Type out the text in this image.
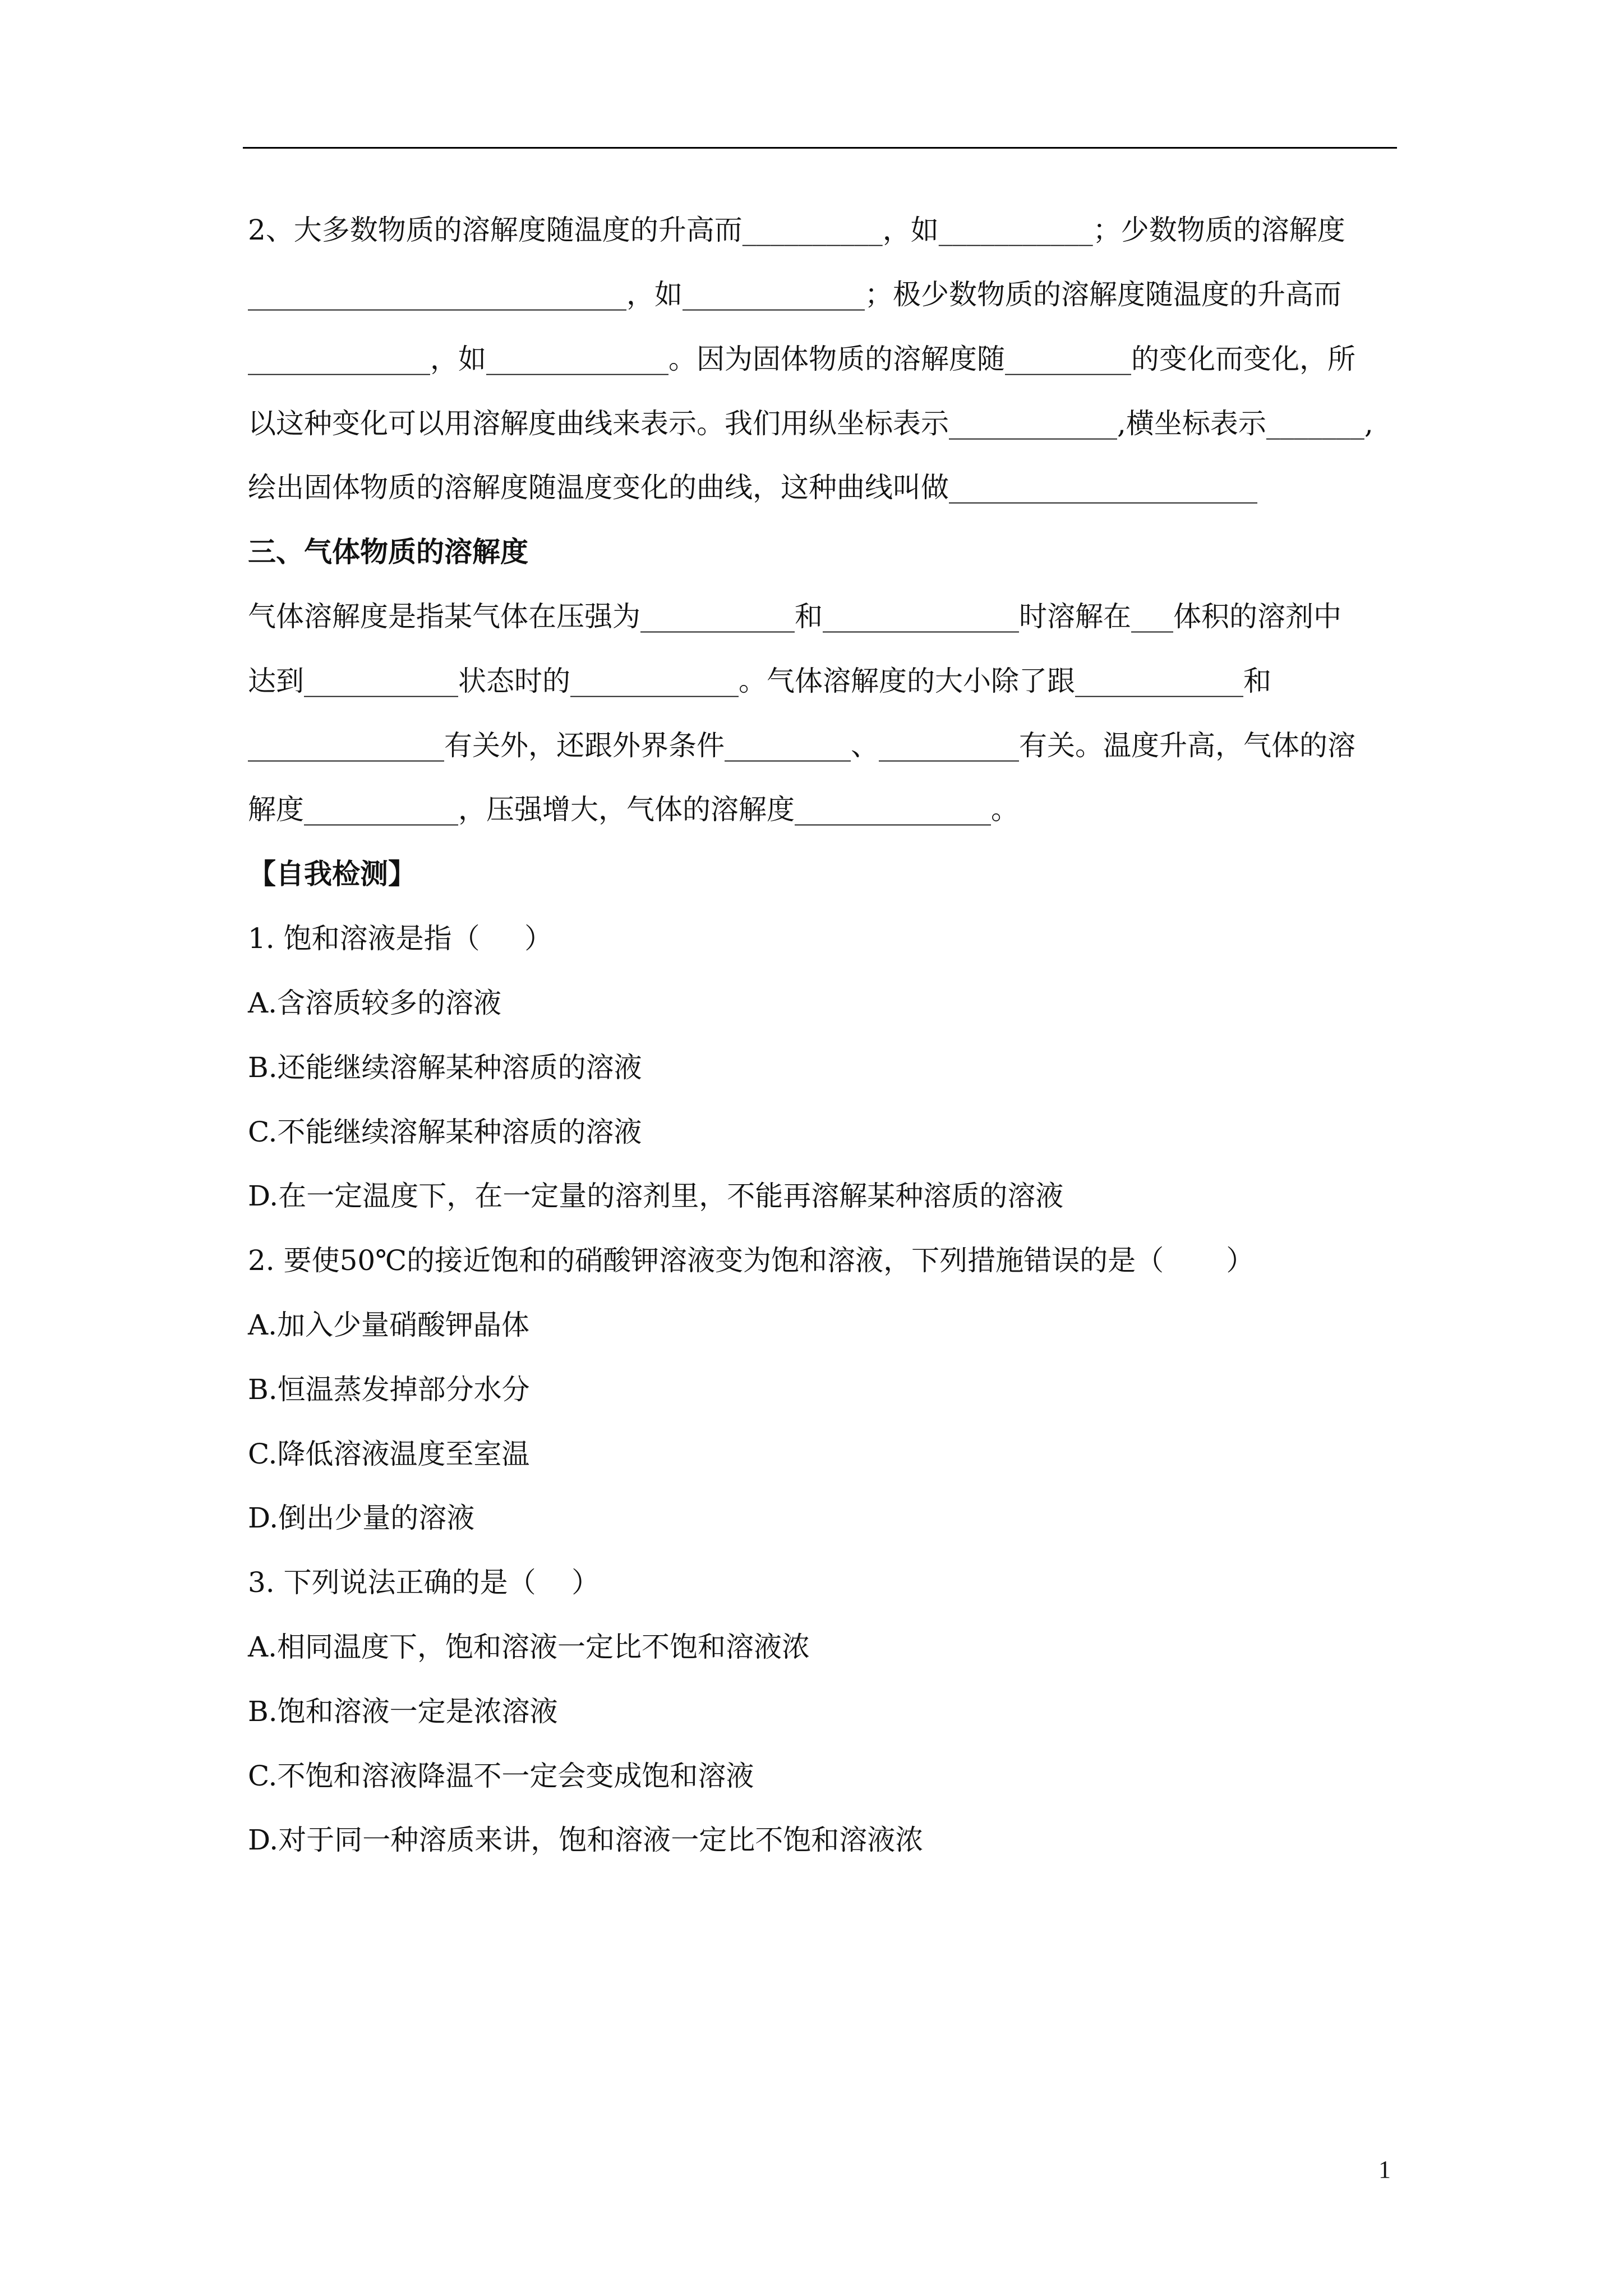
2、大多数物质的溶解度随温度的升高而__________，如___________；少数物质的溶解度
___________________________，如_____________；极少数物质的溶解度随温度的升高而
_____________，如_____________。因为固体物质的溶解度随_________的变化而变化，所
以这种变化可以用溶解度曲线来表示。我们用纵坐标表示____________,横坐标表示_______,
绘出固体物质的溶解度随温度变化的曲线，这种曲线叫做______________________
三、气体物质的溶解度
气体溶解度是指某气体在压强为___________和______________时溶解在___体积的溶剂中
达到___________状态时的____________。气体溶解度的大小除了跟____________和
______________有关外，还跟外界条件_________、__________有关。温度升高，气体的溶
解度___________，压强增大，气体的溶解度______________。
【自我检测】
1. 饱和溶液是指（     ）
A.含溶质较多的溶液
B.还能继续溶解某种溶质的溶液
C.不能继续溶解某种溶质的溶液
D.在一定温度下，在一定量的溶剂里，不能再溶解某种溶质的溶液
2. 要使50℃的接近饱和的硝酸钾溶液变为饱和溶液，下列措施错误的是（       ）
A.加入少量硝酸钾晶体
B.恒温蒸发掉部分水分
C.降低溶液温度至室温
D.倒出少量的溶液
3. 下列说法正确的是（    ）
A.相同温度下，饱和溶液一定比不饱和溶液浓
B.饱和溶液一定是浓溶液
C.不饱和溶液降温不一定会变成饱和溶液
D.对于同一种溶质来讲，饱和溶液一定比不饱和溶液浓
1
